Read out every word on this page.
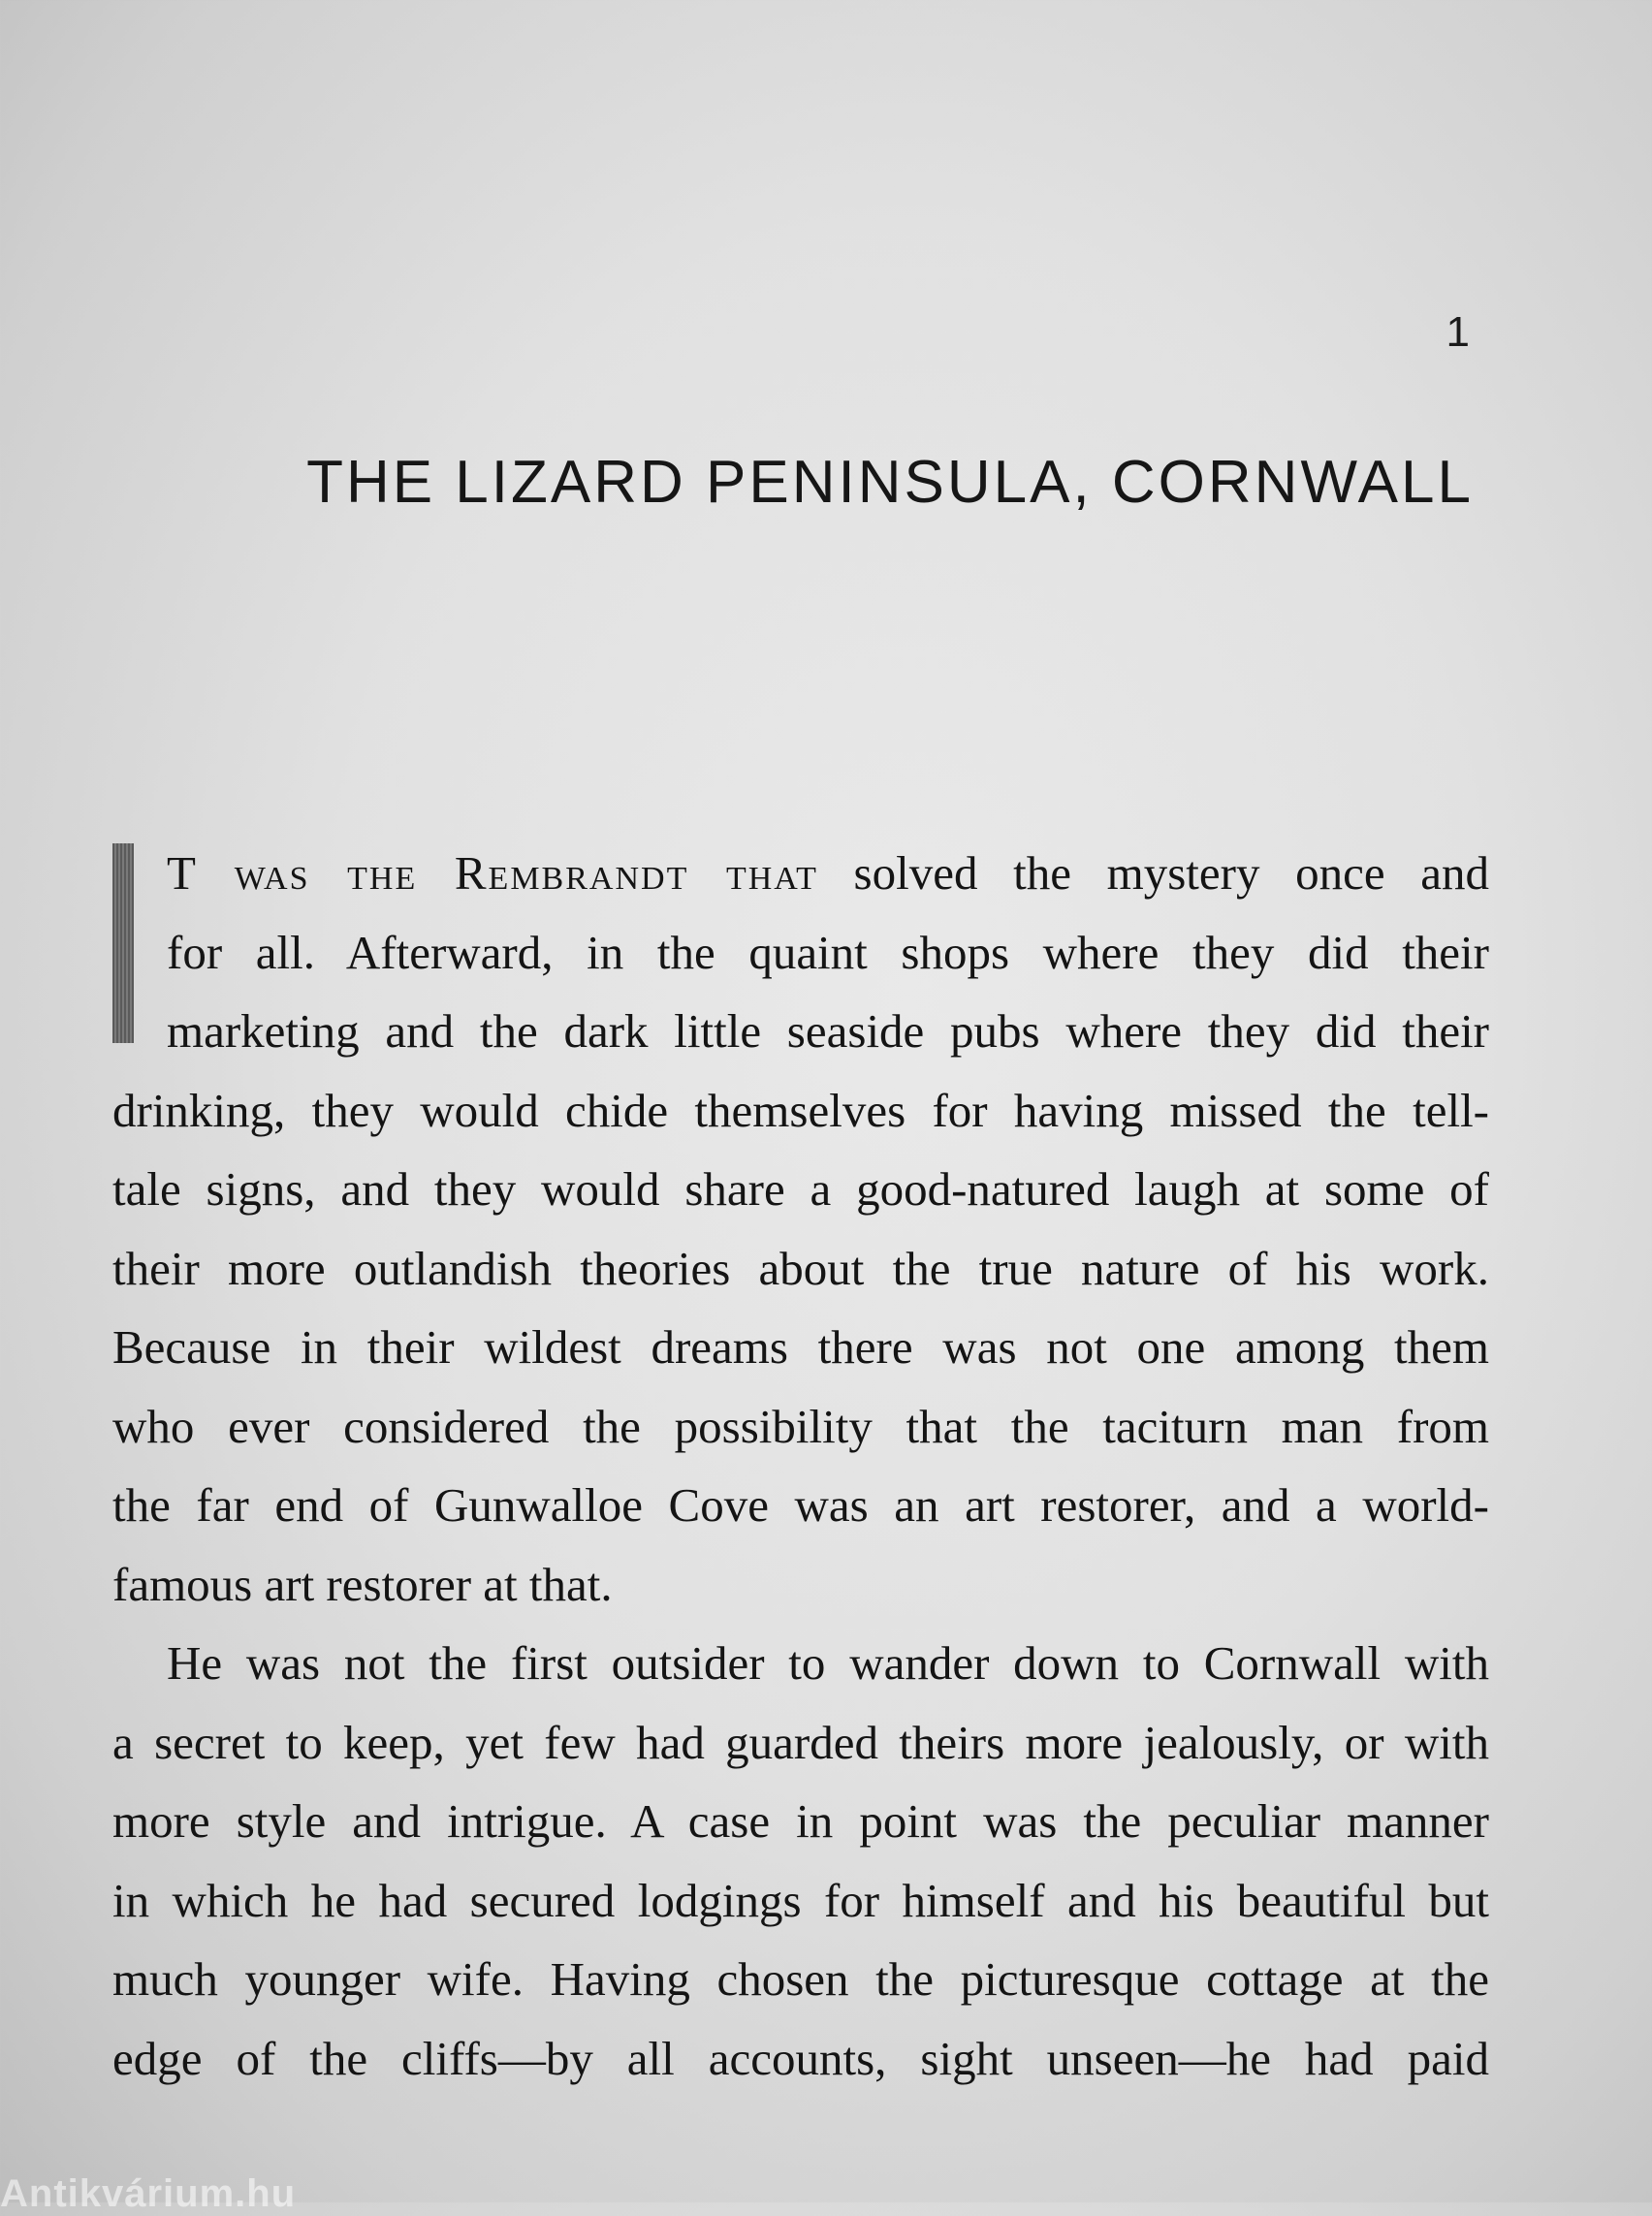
1
THE LIZARD PENINSULA, CORNWALL
T was the Rembrandt that solved the mystery once and
for all. Afterward, in the quaint shops where they did their
marketing and the dark little seaside pubs where they did their
drinking, they would chide themselves for having missed the tell-
tale signs, and they would share a good-natured laugh at some of
their more outlandish theories about the true nature of his work.
Because in their wildest dreams there was not one among them
who ever considered the possibility that the taciturn man from
the far end of Gunwalloe Cove was an art restorer, and a world-
famous art restorer at that.
He was not the first outsider to wander down to Cornwall with
a secret to keep, yet few had guarded theirs more jealously, or with
more style and intrigue. A case in point was the peculiar manner
in which he had secured lodgings for himself and his beautiful but
much younger wife. Having chosen the picturesque cottage at the
edge of the cliffs—by all accounts, sight unseen—he had paid
Antikvárium.hu
